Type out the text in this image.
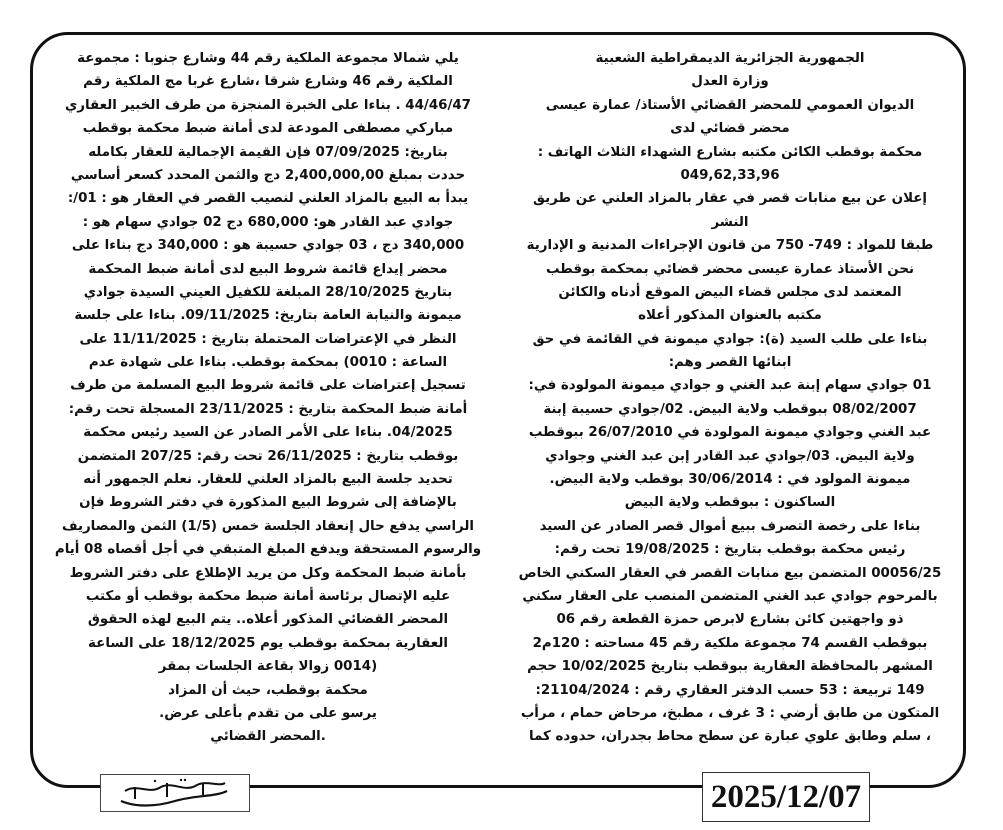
الجمهورية الجزائرية الديمقراطية الشعبية
وزارة العدل
الديوان العمومي للمحضر القضائي الأستاذ/ عمارة عيسى
محضر قضائي لدى
محكمة بوقطب الكائن مكتبه بشارع الشهداء الثلاث الهاتف :
049,62,33,96
إعلان عن بيع منابات قصر في عقار بالمزاد العلني عن طريق
النشر
طبقا للمواد : 749- 750 من قانون الإجراءات المدنية و الإدارية
نحن الأستاذ عمارة عيسى محضر قضائي بمحكمة بوقطب
المعتمد لدى مجلس قضاء البيض الموقع أدناه والكائن
مكتبه بالعنوان المذكور أعلاه
بناءا على طلب السيد (ة): جوادي ميمونة في القائمة في حق
ابنائها القصر وهم:
01 جوادي سهام إبنة عبد الغني و جوادي ميمونة المولودة في:
08/02/2007 ببوقطب ولاية البيض. 02/جوادي حسيبة إبنة
عبد الغني وجوادي ميمونة المولودة في 26/07/2010 ببوقطب
ولاية البيض. 03/جوادي عبد القادر إبن عبد الغني وجوادي
ميمونة المولود في : 30/06/2014 بوقطب ولاية البيض.
الساكنون : ببوقطب ولاية البيض
بناءا على رخصة التصرف ببيع أموال قصر الصادر عن السيد
رئيس محكمة بوقطب بتاريخ : 19/08/2025 تحت رقم:
00056/25 المتضمن بيع منابات القصر في العقار السكني الخاص
بالمرحوم جوادي عبد الغني المتضمن المنصب على العقار سكني
ذو واجهتين كائن بشارع لابرص حمزة القطعة رقم 06
ببوقطب القسم 74 مجموعة ملكية رقم 45 مساحته : 120م2
المشهر بالمحافظة العقارية ببوقطب بتاريخ 10/02/2025 حجم
149 تربيعة : 53 حسب الدفتر العقاري رقم : 21104/2024:
المتكون من طابق أرضي : 3 غرف ، مطبخ، مرحاض حمام ، مرأب
، سلم وطابق علوي عبارة عن سطح محاط بجدران، حدوده كما
يلي شمالا مجموعة الملكية رقم 44 وشارع جنوبا : مجموعة
الملكية رقم 46 وشارع شرقا ،شارع غربا مج الملكية رقم
44/46/47 . بناءا على الخبرة المنجزة من طرف الخبير العقاري
مباركي مصطفى المودعة لدى أمانة ضبط محكمة بوقطب
بتاريخ: 07/09/2025 فإن القيمة الإجمالية للعقار بكامله
حددت بمبلغ 2,400,000,00 دج والثمن المحدد كسعر أساسي
يبدأ به البيع بالمزاد العلني لنصيب القصر في العقار هو : 01/:
جوادي عبد القادر هو: 680,000 دج 02 جوادي سهام هو :
340,000 دج ، 03 جوادي حسيبة هو : 340,000 دج بناءا على
محضر إيداع قائمة شروط البيع لدى أمانة ضبط المحكمة
بتاريخ 28/10/2025 المبلغة للكفيل العيني السيدة جوادي
ميمونة والنيابة العامة بتاريخ: 09/11/2025. بناءا على جلسة
النظر في الإعتراضات المحتملة بتاريخ : 11/11/2025 على
الساعة : 0010) بمحكمة بوقطب. بناءا على شهادة عدم
تسجيل إعتراضات على قائمة شروط البيع المسلمة من طرف
أمانة ضبط المحكمة بتاريخ : 23/11/2025 المسجلة تحت رقم:
04/2025. بناءا على الأمر الصادر عن السيد رئيس محكمة
بوقطب بتاريخ : 26/11/2025 تحت رقم: 207/25 المتضمن
تحديد جلسة البيع بالمزاد العلني للعقار. نعلم الجمهور أنه
بالإضافة إلى شروط البيع المذكورة في دفتر الشروط فإن
الراسي يدفع حال إنعقاد الجلسة خمس (1/5) الثمن والمصاريف
والرسوم المستحقة ويدفع المبلغ المتبقي في أجل أقصاه 08 أيام
بأمانة ضبط المحكمة وكل من يريد الإطلاع على دفتر الشروط
عليه الإتصال برئاسة أمانة ضبط محكمة بوقطب أو مكتب
المحضر القضائي المذكور أعلاه.. يتم البيع لهذه الحقوق
العقارية بمحكمة بوقطب يوم 18/12/2025 على الساعة
(0014 زوالا بقاعة الجلسات بمقر
محكمة بوقطب، حيث أن المزاد
يرسو على من تقدم بأعلى عرض.
.المحضر القضائي
2025/12/07
